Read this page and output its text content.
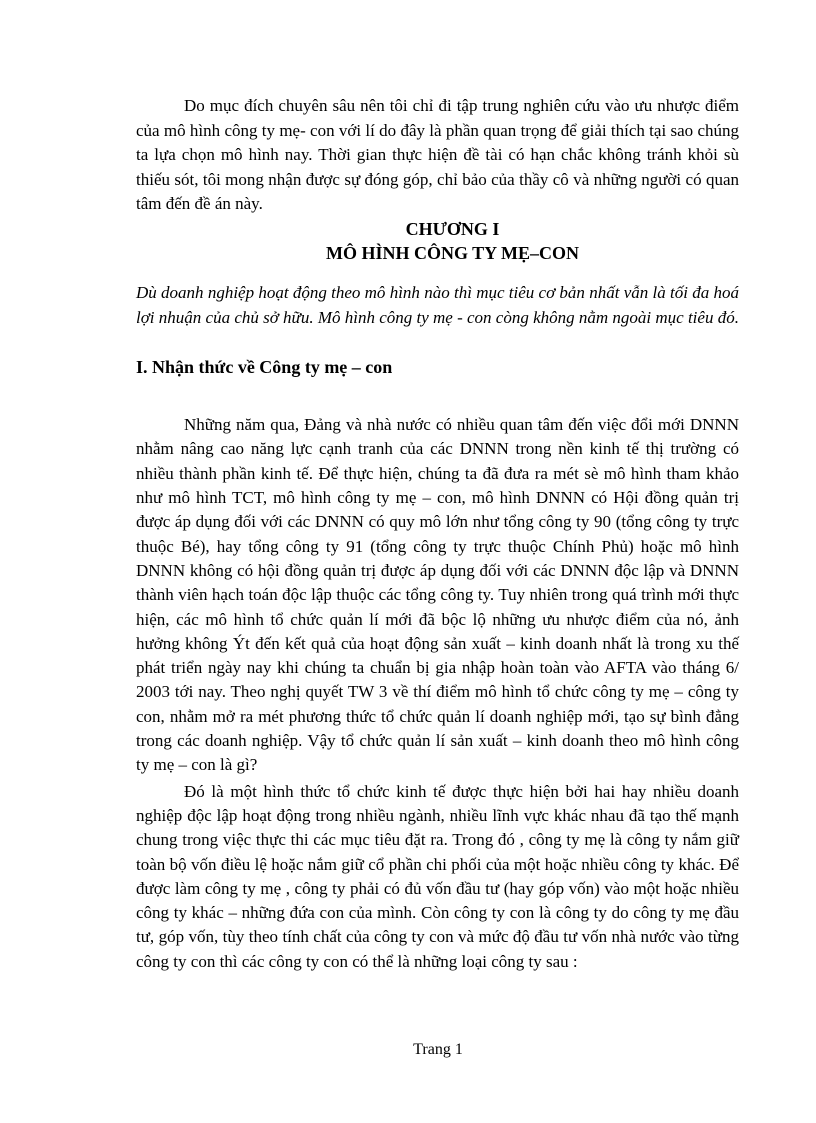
Do mục đích chuyên sâu nên tôi chỉ đi tập trung nghiên cứu vào ưu nhược điểm của mô hình công ty mẹ- con với lí do đây là phần quan trọng để giải thích tại sao chúng ta lựa chọn mô hình nay. Thời gian thực hiện đề tài có hạn chắc không tránh khỏi sù thiếu sót, tôi mong nhận được sự đóng góp, chỉ bảo của thầy cô và những người có quan tâm đến đề án này.

CHƯƠNG I
MÔ HÌNH CÔNG TY MẸ–CON

Dù doanh nghiệp hoạt động theo mô hình nào thì mục tiêu cơ bản nhất vẫn là tối đa hoá lợi nhuận của chủ sở hữu. Mô hình công ty mẹ - con còng không nằm ngoài mục tiêu đó.

I. Nhận thức về Công ty mẹ – con

Những năm qua, Đảng và nhà nước có nhiều quan tâm đến việc đổi mới DNNN nhằm nâng cao năng lực cạnh tranh của các DNNN trong nền kinh tế thị trường có nhiều thành phần kinh tế. Để thực hiện, chúng ta đã đưa ra mét sè mô hình tham khảo như mô hình TCT, mô hình công ty mẹ – con, mô hình DNNN có Hội đồng quản trị được áp dụng đối với các DNNN có quy mô lớn như tổng công ty 90 (tổng công ty trực thuộc Bé), hay tổng công ty 91 (tổng công ty trực thuộc Chính Phủ) hoặc mô hình DNNN không có hội đồng quản trị được áp dụng đối với các DNNN độc lập và DNNN thành viên hạch toán độc lập thuộc các tổng công ty. Tuy nhiên trong quá trình mới thực hiện, các mô hình tổ chức quản lí mới đã bộc lộ những ưu nhược điểm của nó, ảnh hưởng không Ýt đến kết quả của hoạt động sản xuất – kinh doanh nhất là trong xu thế phát triển ngày nay khi chúng ta chuẩn bị gia nhập hoàn toàn vào AFTA vào tháng 6/ 2003 tới nay. Theo nghị quyết TW 3 về thí điểm mô hình tổ chức công ty mẹ – công ty con, nhằm mở ra mét phương thức tổ chức quản lí doanh nghiệp mới, tạo sự bình đẳng trong các doanh nghiệp. Vậy tổ chức quản lí sản xuất – kinh doanh theo mô hình công ty mẹ – con là gì?

Đó là một hình thức tổ chức kinh tế được thực hiện bởi hai hay nhiều doanh nghiệp độc lập hoạt động trong nhiều ngành, nhiều lĩnh vực khác nhau đã tạo thế mạnh chung trong việc thực thi các mục tiêu đặt ra. Trong đó , công ty mẹ là công ty nắm giữ toàn bộ vốn điều lệ hoặc nắm giữ cổ phần chi phối của một hoặc nhiều công ty khác. Để được làm công ty mẹ , công ty phải có đủ vốn đầu tư (hay góp vốn) vào một hoặc nhiều công ty khác – những đứa con của mình. Còn công ty con là công ty do công ty mẹ đầu tư, góp vốn, tùy theo tính chất của công ty con và mức độ đầu tư vốn nhà nước vào từng công ty con thì các công ty con có thể là những loại công ty sau :

Trang 1
